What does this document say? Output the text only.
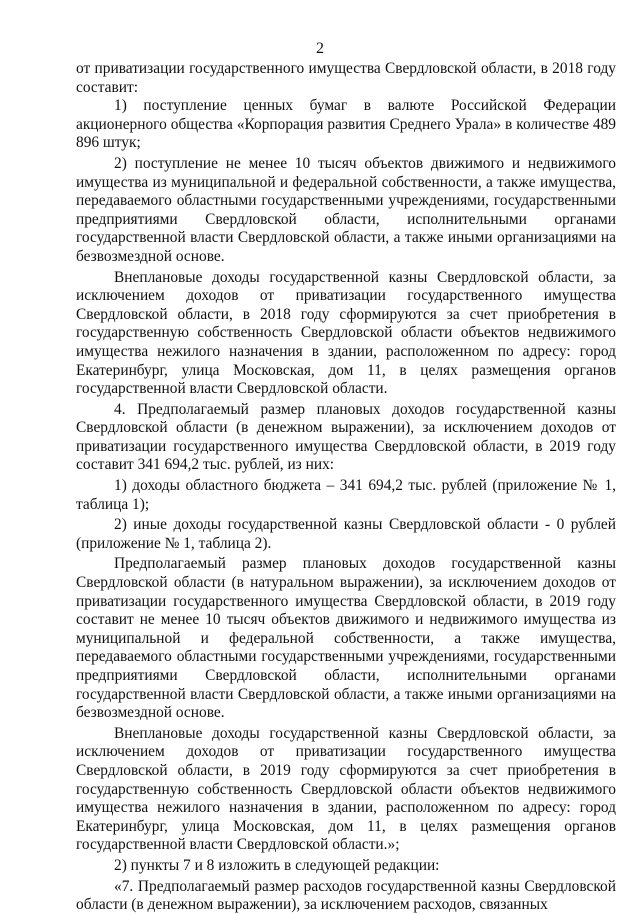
2

от приватизации государственного имущества Свердловской области, в 2018 году составит:

1) поступление ценных бумаг в валюте Российской Федерации акционерного общества «Корпорация развития Среднего Урала» в количестве 489 896 штук;

2) поступление не менее 10 тысяч объектов движимого и недвижимого имущества из муниципальной и федеральной собственности, а также имущества, передаваемого областными государственными учреждениями, государственными предприятиями Свердловской области, исполнительными органами государственной власти Свердловской области, а также иными организациями на безвозмездной основе.

Внеплановые доходы государственной казны Свердловской области, за исключением доходов от приватизации государственного имущества Свердловской области, в 2018 году сформируются за счет приобретения в государственную собственность Свердловской области объектов недвижимого имущества нежилого назначения в здании, расположенном по адресу: город Екатеринбург, улица Московская, дом 11, в целях размещения органов государственной власти Свердловской области.

4. Предполагаемый размер плановых доходов государственной казны Свердловской области (в денежном выражении), за исключением доходов от приватизации государственного имущества Свердловской области, в 2019 году составит 341 694,2 тыс. рублей, из них:

1) доходы областного бюджета – 341 694,2 тыс. рублей (приложение № 1, таблица 1);

2) иные доходы государственной казны Свердловской области - 0 рублей (приложение № 1, таблица 2).

Предполагаемый размер плановых доходов государственной казны Свердловской области (в натуральном выражении), за исключением доходов от приватизации государственного имущества Свердловской области, в 2019 году составит не менее 10 тысяч объектов движимого и недвижимого имущества из муниципальной и федеральной собственности, а также имущества, передаваемого областными государственными учреждениями, государственными предприятиями Свердловской области, исполнительными органами государственной власти Свердловской области, а также иными организациями на безвозмездной основе.

Внеплановые доходы государственной казны Свердловской области, за исключением доходов от приватизации государственного имущества Свердловской области, в 2019 году сформируются за счет приобретения в государственную собственность Свердловской области объектов недвижимого имущества нежилого назначения в здании, расположенном по адресу: город Екатеринбург, улица Московская, дом 11, в целях размещения органов государственной власти Свердловской области.»;

2) пункты 7 и 8 изложить в следующей редакции:

«7. Предполагаемый размер расходов государственной казны Свердловской области (в денежном выражении), за исключением расходов, связанных
